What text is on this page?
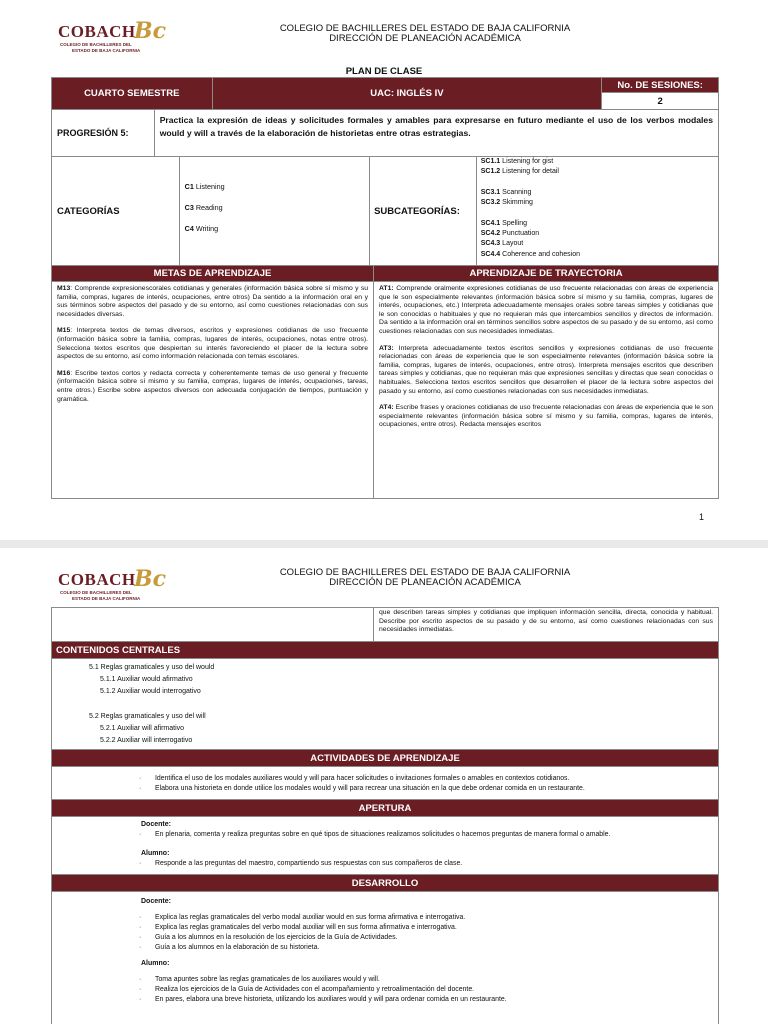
COBACH
Bc
COLEGIO DE BACHILLERES DEL
ESTADO DE BAJA CALIFORNIA
COLEGIO DE BACHILLERES DEL ESTADO DE BAJA CALIFORNIA
DIRECCIÓN DE PLANEACIÓN ACADÉMICA
PLAN DE CLASE
CUARTO SEMESTRE	UAC: INGLÉS IV
No. DE SESIONES:
2
PROGRESIÓN 5:
Practica la expresión de ideas y solicitudes formales y amables para expresarse en futuro mediante el uso de los verbos modales would y will a través de la elaboración de historietas entre otras estrategias.
CATEGORÍAS
C1 Listening
C3 Reading
C4 Writing
SUBCATEGORÍAS:
SC1.1 Listening for gist
SC1.2 Listening for detail
SC3.1 Scanning
SC3.2 Skimming
SC4.1 Spelling
SC4.2 Punctuation
SC4.3 Layout
SC4.4 Coherence and cohesion
METAS DE APRENDIZAJE	APRENDIZAJE DE TRAYECTORIA

M13: Comprende expresionescorales cotidianas y generales (información básica sobre sí mismo y su familia, compras, lugares de interés, ocupaciones, entre otros) Da sentido a la información oral en y sus términos sobre aspectos del pasado y de su entorno, así como cuestiones relacionadas con sus necesidades diversas.

M15: Interpreta textos de temas diversos, escritos y expresiones cotidianas de uso frecuente (información básica sobre la familia, compras, lugares de interés, ocupaciones, notas entre otros). Selecciona textos escritos que despiertan su interés favoreciendo el placer de la lectura sobre aspectos de su entorno, así como información relacionada con temas escolares.

M16: Escribe textos cortos y redacta correcta y coherentemente temas de uso general y frecuente (información básica sobre sí mismo y su familia, compras, lugares de interés, ocupaciones, tareas, entre otros.) Escribe sobre aspectos diversos con adecuada conjugación de tiempos, puntuación y gramática.

AT1: Comprende oralmente expresiones cotidianas de uso frecuente relacionadas con áreas de experiencia que le son especialmente relevantes (información básica sobre sí mismo y su familia, compras, lugares de interés, ocupaciones, etc.) Interpreta adecuadamente mensajes orales sobre tareas simples y cotidianas que le son conocidas o habituales y que no requieran más que intercambios sencillos y directos de información. Da sentido a la información oral en términos sencillos sobre aspectos de su pasado y de su entorno, así como cuestiones relacionadas con sus necesidades inmediatas.

AT3: Interpreta adecuadamente textos escritos sencillos y expresiones cotidianas de uso frecuente relacionadas con áreas de experiencia que le son especialmente relevantes (información básica sobre la familia, compras, lugares de interés, ocupaciones, entre otros). Interpreta mensajes escritos que describen tareas simples y cotidianas, que no requieran más que expresiones sencillas y directas que sean conocidas o habituales. Selecciona textos escritos sencillos que desarrollen el placer de la lectura sobre aspectos del pasado y su entorno, así como cuestiones relacionadas con sus necesidades inmediatas.

AT4: Escribe frases y oraciones cotidianas de uso frecuente relacionadas con áreas de experiencia que le son especialmente relevantes (información básica sobre sí mismo y su familia, compras, lugares de interés, ocupaciones, entre otros). Redacta mensajes escritos

1
COBACH
Bc
COLEGIO DE BACHILLERES DEL
ESTADO DE BAJA CALIFORNIA
COLEGIO DE BACHILLERES DEL ESTADO DE BAJA CALIFORNIA
DIRECCIÓN DE PLANEACIÓN ACADÉMICA
que describen tareas simples y cotidianas que impliquen información sencilla, directa, conocida y habitual. Describe por escrito aspectos de su pasado y de su entorno, así como cuestiones relacionadas con sus necesidades inmediatas.
CONTENIDOS CENTRALES
5.1 Reglas gramaticales y uso del would
5.1.1 Auxiliar would afirmativo
5.1.2 Auxiliar would interrogativo
5.2 Reglas gramaticales y uso del will
5.2.1 Auxiliar will afirmativo
5.2.2 Auxiliar will interrogativo
ACTIVIDADES DE APRENDIZAJE
· Identifica el uso de los modales auxiliares would y will para hacer solicitudes o invitaciones formales o amables en contextos cotidianos.
· Elabora una historieta en donde utilice los modales would y will para recrear una situación en la que debe ordenar comida en un restaurante.
APERTURA
Docente:
· En plenaria, comenta y realiza preguntas sobre en qué tipos de situaciones realizamos solicitudes o hacemos preguntas de manera formal o amable.
Alumno:
· Responde a las preguntas del maestro, compartiendo sus respuestas con sus compañeros de clase.
DESARROLLO
Docente:
· Explica las reglas gramaticales del verbo modal auxiliar would en sus forma afirmativa e interrogativa.
· Explica las reglas gramaticales del verbo modal auxiliar will en sus forma afirmativa e interrogativa.
· Guía a los alumnos en la resolución de los ejercicios de la Guía de Actividades.
· Guía a los alumnos en la elaboración de su historieta.
Alumno:
· Toma apuntes sobre las reglas gramaticales de los auxiliares would y will.
· Realiza los ejercicios de la Guía de Actividades con el acompañamiento y retroalimentación del docente.
· En pares, elabora una breve historieta, utilizando los auxiliares would y will para ordenar comida en un restaurante.
